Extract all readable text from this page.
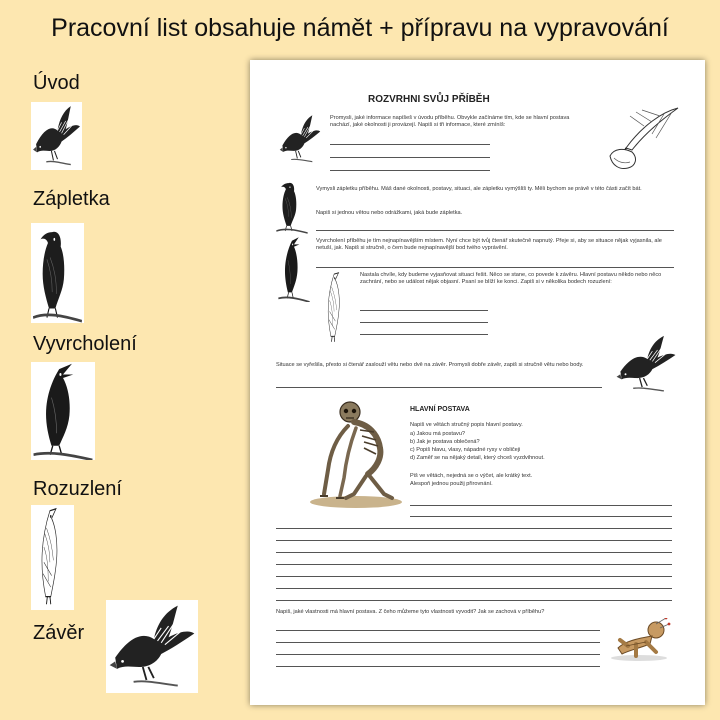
Pracovní list obsahuje námět + přípravu na vypravování
Úvod
Zápletka
Vyvrcholení
Rozuzlení
Závěr
ROZVRHNI SVŮJ PŘÍBĚH
Promysli, jaké informace napíšeš v úvodu příběhu. Obvykle začínáme tím, kde se hlavní postava nachází, jaké okolnosti ji provázejí. Napiš si tři informace, které zmíníš:
Vymysli zápletku příběhu. Máš dané okolnosti, postavy, situaci, ale zápletku vymýšlíš ty. Měli bychom se právě v této části začít bát.
Napiš si jednou větou nebo odrážkami, jaká bude zápletka.
Vyvrcholení příběhu je tím nejnapínavějším místem. Nyní chce být tvůj čtenář skutečně napnutý. Přeje si, aby se situace nějak vyjasnila, ale netuší, jak. Napiš si stručně, o čem bude nejnapínavější bod tvého vyprávění.
Nastala chvíle, kdy budeme vyjasňovat situaci řešit. Něco se stane, co povede k závěru. Hlavní postavu někdo nebo něco zachrání, nebo se událost nějak objasní. Psaní se blíží ke konci. Zapiš si v několika bodech rozuzlení:
Situace se vyřešila, přesto si čtenář zaslouží větu nebo dvě na závěr. Promysli dobře závěr, zapiš si stručně větu nebo body.
HLAVNÍ POSTAVA
Napiš ve větách stručný popis hlavní postavy.
a) Jakou má postavu?
b) Jak je postava oblečená?
c) Popiš hlavu, vlasy, nápadné rysy v obličeji
d) Zaměř se na nějaký detail, který chceš vyzdvihnout.
Piš ve větách, nejedná se o výčet, ale krátký text.
Alespoň jednou použij přirovnání.
Napiš, jaké vlastnosti má hlavní postava. Z čeho můžeme tyto vlastnosti vyvodit? Jak se zachová v příběhu?
